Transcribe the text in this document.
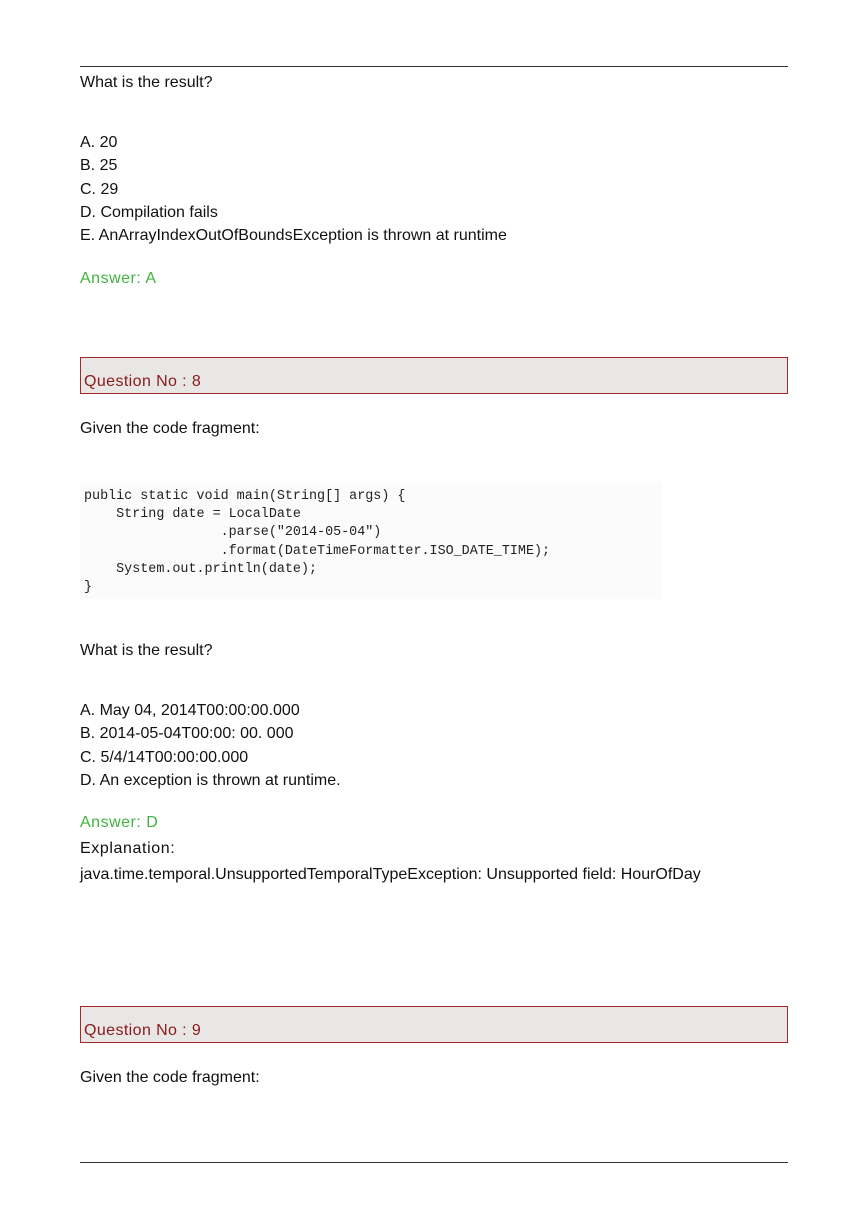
What is the result?
A. 20
B. 25
C. 29
D. Compilation fails
E. AnArrayIndexOutOfBoundsException is thrown at runtime
Answer: A
Question No : 8
Given the code fragment:
public static void main(String[] args) {
String date = LocalDate
.parse("2014-05-04")
.format(DateTimeFormatter.ISO_DATE_TIME);
System.out.println(date);
}
What is the result?
A. May 04, 2014T00:00:00.000
B. 2014-05-04T00:00: 00. 000
C. 5/4/14T00:00:00.000
D. An exception is thrown at runtime.
Answer: D
Explanation:
java.time.temporal.UnsupportedTemporalTypeException: Unsupported field: HourOfDay
Question No : 9
Given the code fragment:
